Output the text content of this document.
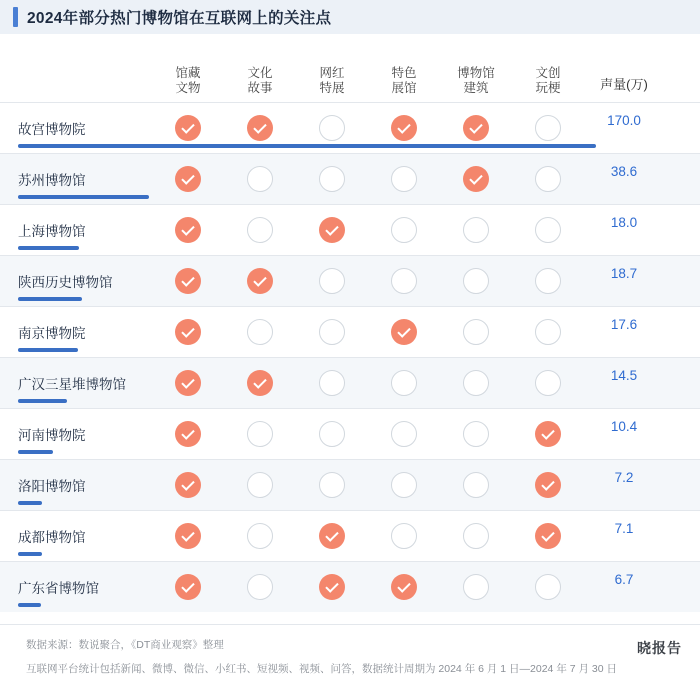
2024年部分热门博物馆在互联网上的关注点
馆藏
文物
文化
故事
网红
特展
特色
展馆
博物馆
建筑
文创
玩梗	声量(万)
故宫博物院
170.0
苏州博物馆
38.6
上海博物馆
18.0
陕西历史博物馆
18.7
南京博物院
17.6
广汉三星堆博物馆
14.5
河南博物院
10.4
洛阳博物馆
7.2
成都博物馆
7.1
广东省博物馆
6.7
数据来源：数说聚合，《DT商业观察》整理
互联网平台统计包括新闻、微博、微信、小红书、短视频、视频、问答，数据统计周期为 2024 年 6 月 1 日—2024 年 7 月 30 日
晓报告
